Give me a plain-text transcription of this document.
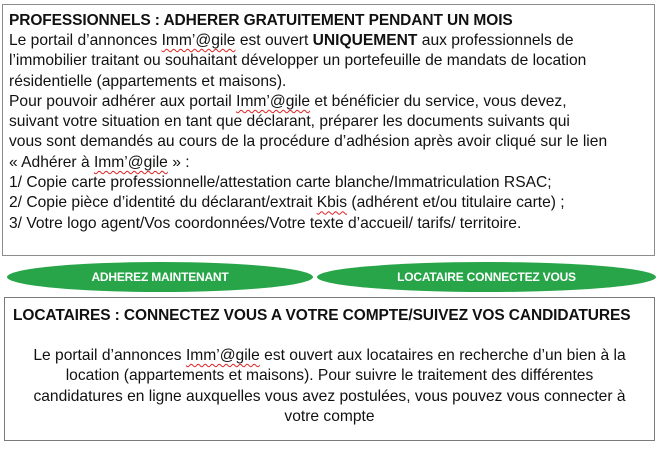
PROFESSIONNELS : ADHERER GRATUITEMENT PENDANT UN MOIS
Le portail d’annonces Imm’@gile est ouvert UNIQUEMENT aux professionnels de
l’immobilier traitant ou souhaitant développer un portefeuille de mandats de location
résidentielle (appartements et maisons).
Pour pouvoir adhérer aux portail Imm’@gile et bénéficier du service, vous devez,
suivant votre situation en tant que déclarant, préparer les documents suivants qui
vous sont demandés au cours de la procédure d’adhésion après avoir cliqué sur le lien
« Adhérer à Imm’@gile » :
1/ Copie carte professionnelle/attestation carte blanche/Immatriculation RSAC;
2/ Copie pièce d’identité du déclarant/extrait Kbis (adhérent et/ou titulaire carte) ;
3/ Votre logo agent/Vos coordonnées/Votre texte d’accueil/ tarifs/ territoire.
ADHEREZ MAINTENANT	LOCATAIRE CONNECTEZ VOUS
LOCATAIRES : CONNECTEZ VOUS A VOTRE COMPTE/SUIVEZ VOS CANDIDATURES
Le portail d’annonces Imm’@gile est ouvert aux locataires en recherche d’un bien à la
location (appartements et maisons). Pour suivre le traitement des différentes
candidatures en ligne auxquelles vous avez postulées, vous pouvez vous connecter à
votre compte
